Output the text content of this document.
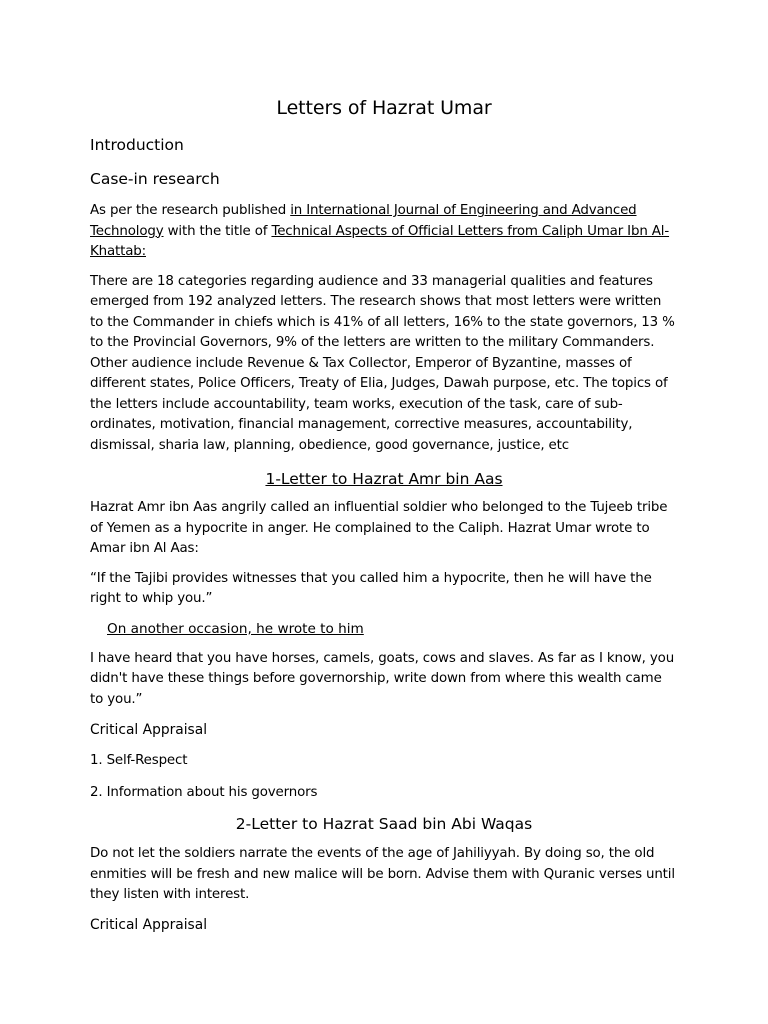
Letters of Hazrat Umar
Introduction
Case-in research

As per the research published in International Journal of Engineering and Advanced Technology with the title of Technical Aspects of Official Letters from Caliph Umar Ibn Al-Khattab:

There are 18 categories regarding audience and 33 managerial qualities and features emerged from 192 analyzed letters. The research shows that most letters were written to the Commander in chiefs which is 41% of all letters, 16% to the state governors, 13 % to the Provincial Governors, 9% of the letters are written to the military Commanders. Other audience include Revenue & Tax Collector, Emperor of Byzantine, masses of different states, Police Officers, Treaty of Elia, Judges, Dawah purpose, etc. The topics of the letters include accountability, team works, execution of the task, care of sub-ordinates, motivation, financial management, corrective measures, accountability, dismissal, sharia law, planning, obedience, good governance, justice, etc

1-Letter to Hazrat Amr bin Aas

Hazrat Amr ibn Aas angrily called an influential soldier who belonged to the Tujeeb tribe of Yemen as a hypocrite in anger. He complained to the Caliph. Hazrat Umar wrote to Amar ibn Al Aas:

“If the Tajibi provides witnesses that you called him a hypocrite, then he will have the right to whip you.”

On another occasion, he wrote to him

I have heard that you have horses, camels, goats, cows and slaves. As far as I know, you didn't have these things before governorship, write down from where this wealth came to you.”

Critical Appraisal

1. Self-Respect

2. Information about his governors

2-Letter to Hazrat Saad bin Abi Waqas

Do not let the soldiers narrate the events of the age of Jahiliyyah. By doing so, the old enmities will be fresh and new malice will be born. Advise them with Quranic verses until they listen with interest.

Critical Appraisal
